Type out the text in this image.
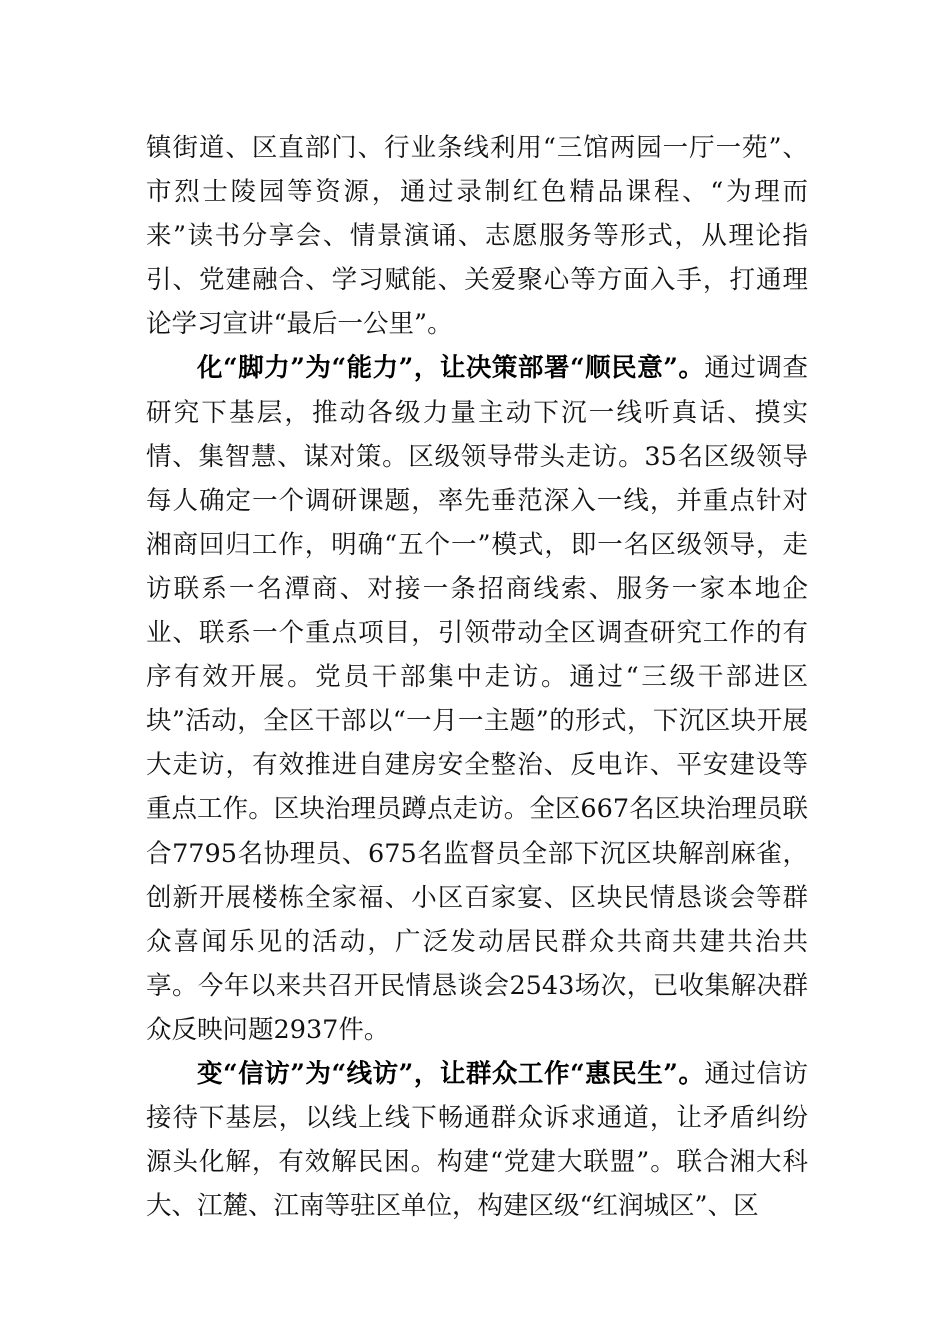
镇街道、区直部门、行业条线利用“三馆两园一厅一苑”、市烈士陵园等资源，通过录制红色精品课程、“为理而来”读书分享会、情景演诵、志愿服务等形式，从理论指引、党建融合、学习赋能、关爱聚心等方面入手，打通理论学习宣讲“最后一公里”。

化“脚力”为“能力”，让决策部署“顺民意”。通过调查研究下基层，推动各级力量主动下沉一线听真话、摸实情、集智慧、谋对策。区级领导带头走访。35名区级领导每人确定一个调研课题，率先垂范深入一线，并重点针对湘商回归工作，明确“五个一”模式，即一名区级领导，走访联系一名潭商、对接一条招商线索、服务一家本地企业、联系一个重点项目，引领带动全区调查研究工作的有序有效开展。党员干部集中走访。通过“三级干部进区块”活动，全区干部以“一月一主题”的形式，下沉区块开展大走访，有效推进自建房安全整治、反电诈、平安建设等重点工作。区块治理员蹲点走访。全区667名区块治理员联合7795名协理员、675名监督员全部下沉区块解剖麻雀，创新开展楼栋全家福、小区百家宴、区块民情恳谈会等群众喜闻乐见的活动，广泛发动居民群众共商共建共治共享。今年以来共召开民情恳谈会2543场次，已收集解决群众反映问题2937件。

变“信访”为“线访”，让群众工作“惠民生”。通过信访接待下基层，以线上线下畅通群众诉求通道，让矛盾纠纷源头化解，有效解民困。构建“党建大联盟”。联合湘大科大、江麓、江南等驻区单位，构建区级“红润城区”、区
